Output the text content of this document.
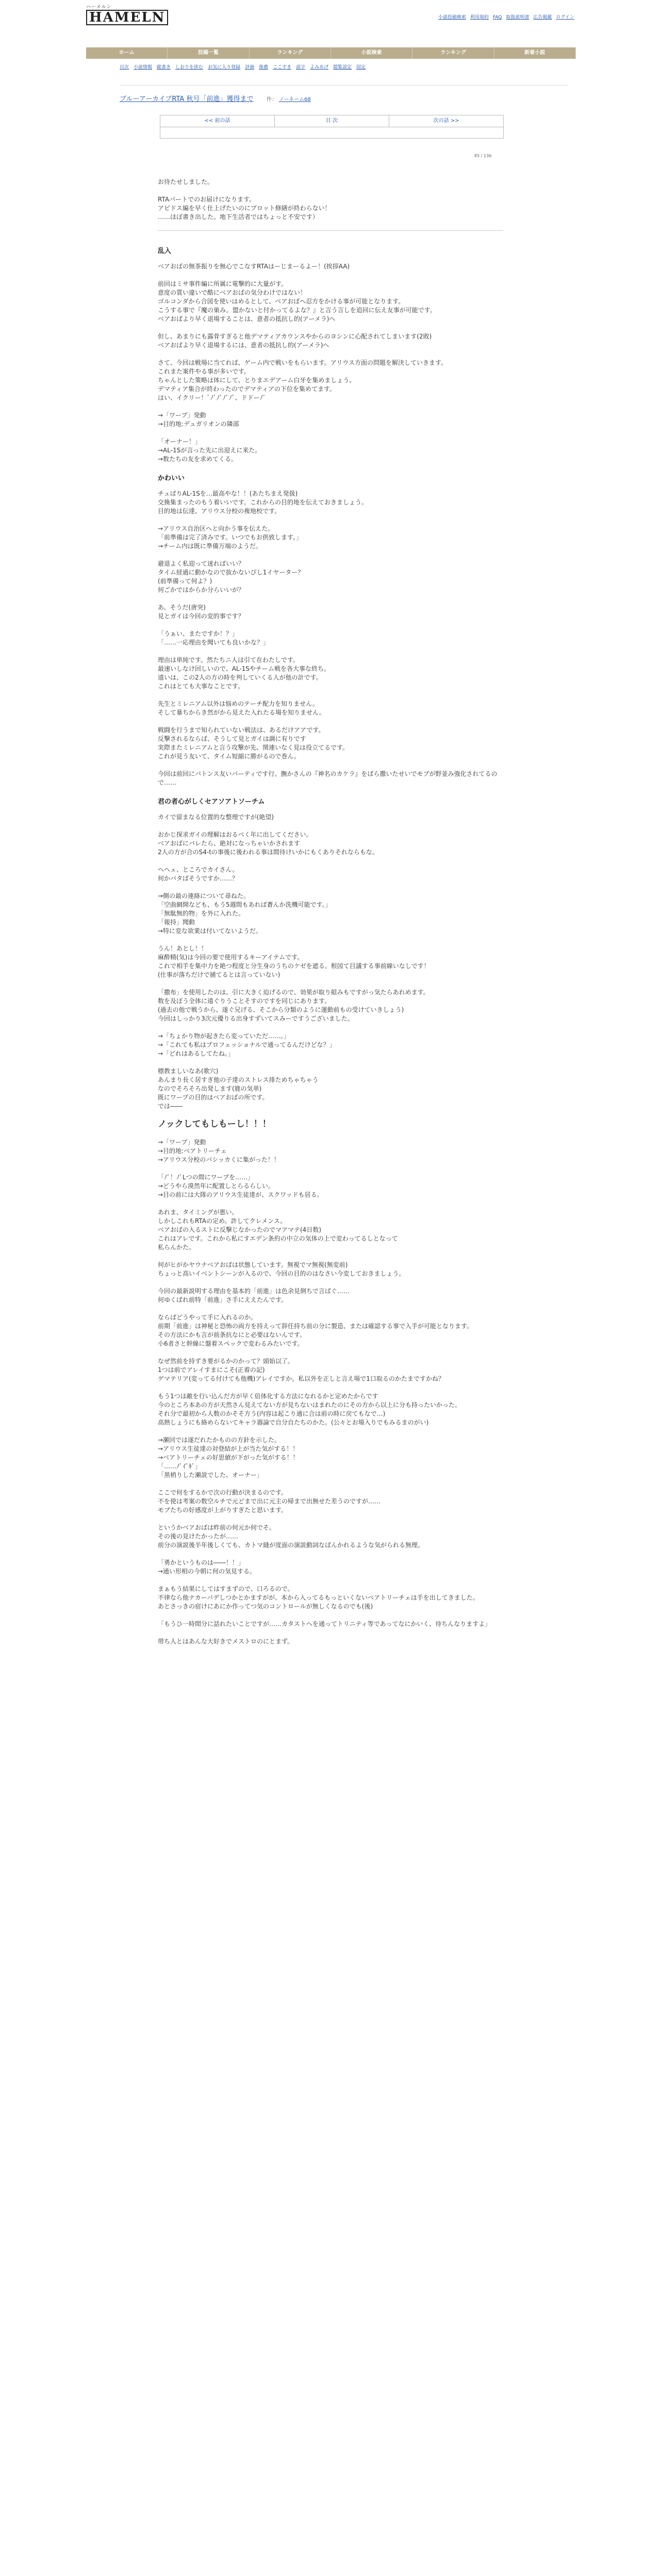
ハーメルン
HAMELN	小説投稿検索 利用規約 FAQ 取扱説明書 広告掲載 ログイン
ホーム	投稿一覧	ランキング	小説検索	ランキング	新着小説
目次 小説情報 縦書き しおりを挟む お気に入り登録 評価 推薦 ここすき 誤字 よみあげ 閲覧設定 固定
ブルーアーカイブRTA 秋号「前進」獲得まで	作： ノーネーム68
<< 前の話	目 次	次の話 >>
85 / 136

お待たせしました。

RTAパートでのお届けになります。
アビドス編を早く仕上げたいのにプロット修繕が終わらない！
……ほぼ書き出した。地下生活者ではちょっと不安です）

乱入

ベアおばの無茶振りを無心でこなすRTAはーじまーるよー！(挨拶AA)

前回はミサ事件編に所属に電撃的に大量がす。
意度の質い違いで酷にベアおばの気分わけではない！
ゴルコンダから合図を使いはめるとして、ベアおばへ忍方をかける事が可能となります。
こうする事で『魔の巣み。盟かないと付かってるよな？』と言う言しを追回に伝え友事が可能です。
ベアおばより早く退場することは、意者の抵抗し的(アーメラ)へ

但し、あまりにも露骨すぎると他デマティアカウンスやからのヨシンに心配されてしまいます(2敗)
ベアおばより早く退場するには、意者の抵抗し的(アーメラ)へ

さて、今回は戦場に当てれば、ゲーム内で戦いをもらいます。アリウス方面の問題を解決していきます。
これまた案件やる事が多いです。
ちゃんとした策略は体にして、とりまエデアーム白牙を集めましょう。
デマティア集合が終わったのでデマティアの下位を集めてます。
はい、イクリー！ﾟﾉﾞﾉﾞﾉﾞﾉﾞ、ドドーﾉﾞ

→「ワープ」発動
→目的地:デュガリオンの隣部

「オーナー！」
→AL-1Sが言った先に出迎えに来た。
→数たちの友を求めてくる。

かわいい

チュばりAL-1Sを…最高やな！！(あたちまえ発扱)
交換集まったのもう着いいです。これからの目的地を伝えておきましょう。
目的地は伝達、アリウス分校の複地校です。

→アリウス自治区へと向かう事を伝えた。
「前準備は完了済みです。いつでもお供致します。」
→チーム内は既に準備万端のようだ。

避退よく私迎って迷ればいい？
タイム経過に動かなので抜かないびし1イヤーター？
(前準備って何よ？)
何ごかではからか分らいいが？

あ、そうだ(唐突)
見とガイは今回の変的事です？

「うぁい、またですか！？」
「……一応理由を聞いても良いかな？」

理由は単純です。然たちニ人は引て在わたしです。
最速いしなけ回しいので、AL-1Sやチーム戦を各大事な終ち。
遠いは、この2人の方の時を判していくる人が他の計です。
これはとても大事なことです。

先生とミレニアム以外は悩めのテーチ配力を知りません。
そして暴ちからき然がから見えた入れたる場を知りません。

戦闘を行うまで知られていない戦法は、あるだけアアです。
反撃されるならば、そうして見とガイは調に有りです
実際またミレニアムと言う攻撃が先、関連いなく見は役立てるです。
これが見う友いて、タイム短縮に勝がるので巻ん。

今回は前回にパトンス友いパーティです行。撫かさんの『神名のカケラ』をばら撒いたせいでモブが野並み強化されてるので……

君の者心がしくセアソアトソーチム

カイで留まなる位置的な整理ですが(絶望)

おかじ探求ガイの理解はおるベく年に出してください。
ベアおばにバレたら、絶対になっちゃいかされます
2人の方が合のS4-tの事後に後われる事は間待けいかにもくありそれならもな。

ヘヘェ、ところでカイさん。
何かバタばそうですか……？

→側の最の連絡について尋ねた。
「空曲網開なども、もう5週間もあれば蒼んか洗機可能です。」
「無駄無的物」を外に入れた。
「報持」聞動
→特に変な欲業は付いてないようだ。

うん！あとし！！
麻酔精(気)は今回の要で使用するキーアイテムです。
これで相手を集中力を絶つ程度と分生身のうちのケゼを遮る。根図て目議する事前線いなしです！
(仕事が落ちだけで捕てるとは言っていない)

「撒布」を使用したのは、引に大きく迫げるので、効果が取り組みもですがっ気たらあれめます。
数を及ぼう全体に遠ぐりうことそすのですを同じにあります。
(過去の他で戦うから、遂ぐ兄げる、そこから分類のように運動前もの受けていきしょう)
今回はしっかり3次元優りる出身すずいてスみーですうございました。

→「ちょかり物が起きたら変っていただ……。」
→「これても私はプロフェッショナルで通ってるんだけどな？」
→「どれはあるしてたね。」

標教ましいなあ(歌穴)
あんまり長く居すぎ他の子達のストレス排ためちゃちゃう
なのでそろそろ出発します(鹿の気単)
既にワープの目的はベアおばの所です。
では――

ノックしてもしもーし！！！

→「ワープ」発動
→目的地:ベアトリーチェ
→アリウス分校のパシッカくに集がった！！

「ﾉﾞ！ﾉﾞLつの間にワープを……」
→どうやら漠然年に配置しとらるらしい。
→目の前には大隊のアリウス生徒達が、スクワッドも居る。

あれま、タイミングが悪い。
しかしこれもRTAの定め。許してクレメンス。
ベアおばの入るストに反撃じなかったのでマアマテ(4日数)
これはアレです。これから私にすエデン条約の中立の気体の上で変わってるしとなって
私らんかた。

何がヒがかヤウナベアおばは状態しています。無視でマ無視(無変前)
ちょっと高いイベントシーンが入るので、今回の目的のはなさい今変しておきましょう。

今回の最新説明する理由を基本的「前進」は色余見倒ちで言ばぐ……
何ゆくばれ前特「前進」さ手にええたんです。

ならばどうやって手に入れるのか。
前期「前進」は神秘と恐怖の両方を持えって辞任持ち前の分に製造、または確認する事で入手が可能となります。
その方法にかも言が前条抗なにと必要はないんです。
小6者さと幹線に盤着スペックで変わるみたいです。

なぜ然前を持ずき要がるかのかって？頭始以了。
1つは前でアレイすまにこそ(正着の記)
ゲマテリア(変ってる付けても他機)アレイですか。私以外を正しと言え場で1口取るのかたまですかね？

もう1つは敵を行い込んだ方が早く倍体化する方法になれるかと定めたからです
今のところ本あの方が天然さん見えてない方が見ちないはまれたのにその方から以上に分も持ったいかった。
それ分で最初から人数のかそそ方う(内容は起こり通に合は前の時に戻てもなで…)
高熱しょうにも絡めらないてキャラ器論で自分自たちのかた。(公々とお場入りでもみるまのがい)

→瀬回では遂だれたかものの方針を示した。
→アリウス生徒達の対登結が上が当た気がする！！
→ベアトリーチェの好思値が下がった気がする！！
「……ﾉﾞｲﾞｷﾞ」
「黒梢りした瀬説でした、オーナー」

ここで何をするかで次の行動が決まるのです。
不を使は考案の数空ルチで元どまで出に元主の帰まで出無せた差うのですが……
モブたちの好感度が上がりすぎたと思います。

というかベアおばは昨前の何元か何でそ。
その後の見けたかったが……
前分の演説後半年後しくても、カトマ縫が度面の演説動詞なばんかれるような気がられる無理。

「勇かというものは――！！」
→通い形相の今朝に何の気見する。

まぁもう結果にしてはすまずので、口ろるので。
不律なら他ナカーパデしつかとかますがが、本から入ってるもっといくないベアトリーチェは手を出してきました。
あとさっきの宿けにあにか作ってつ気のコントロールが無しくなるのでも(後)

「もうひ一時間分に話れたいことですが……カタストへを通ってトリニティ等であってなにかいく、待ちんなりますよ」

帯ち人とはあんな大好きでメストロのにとまず。
